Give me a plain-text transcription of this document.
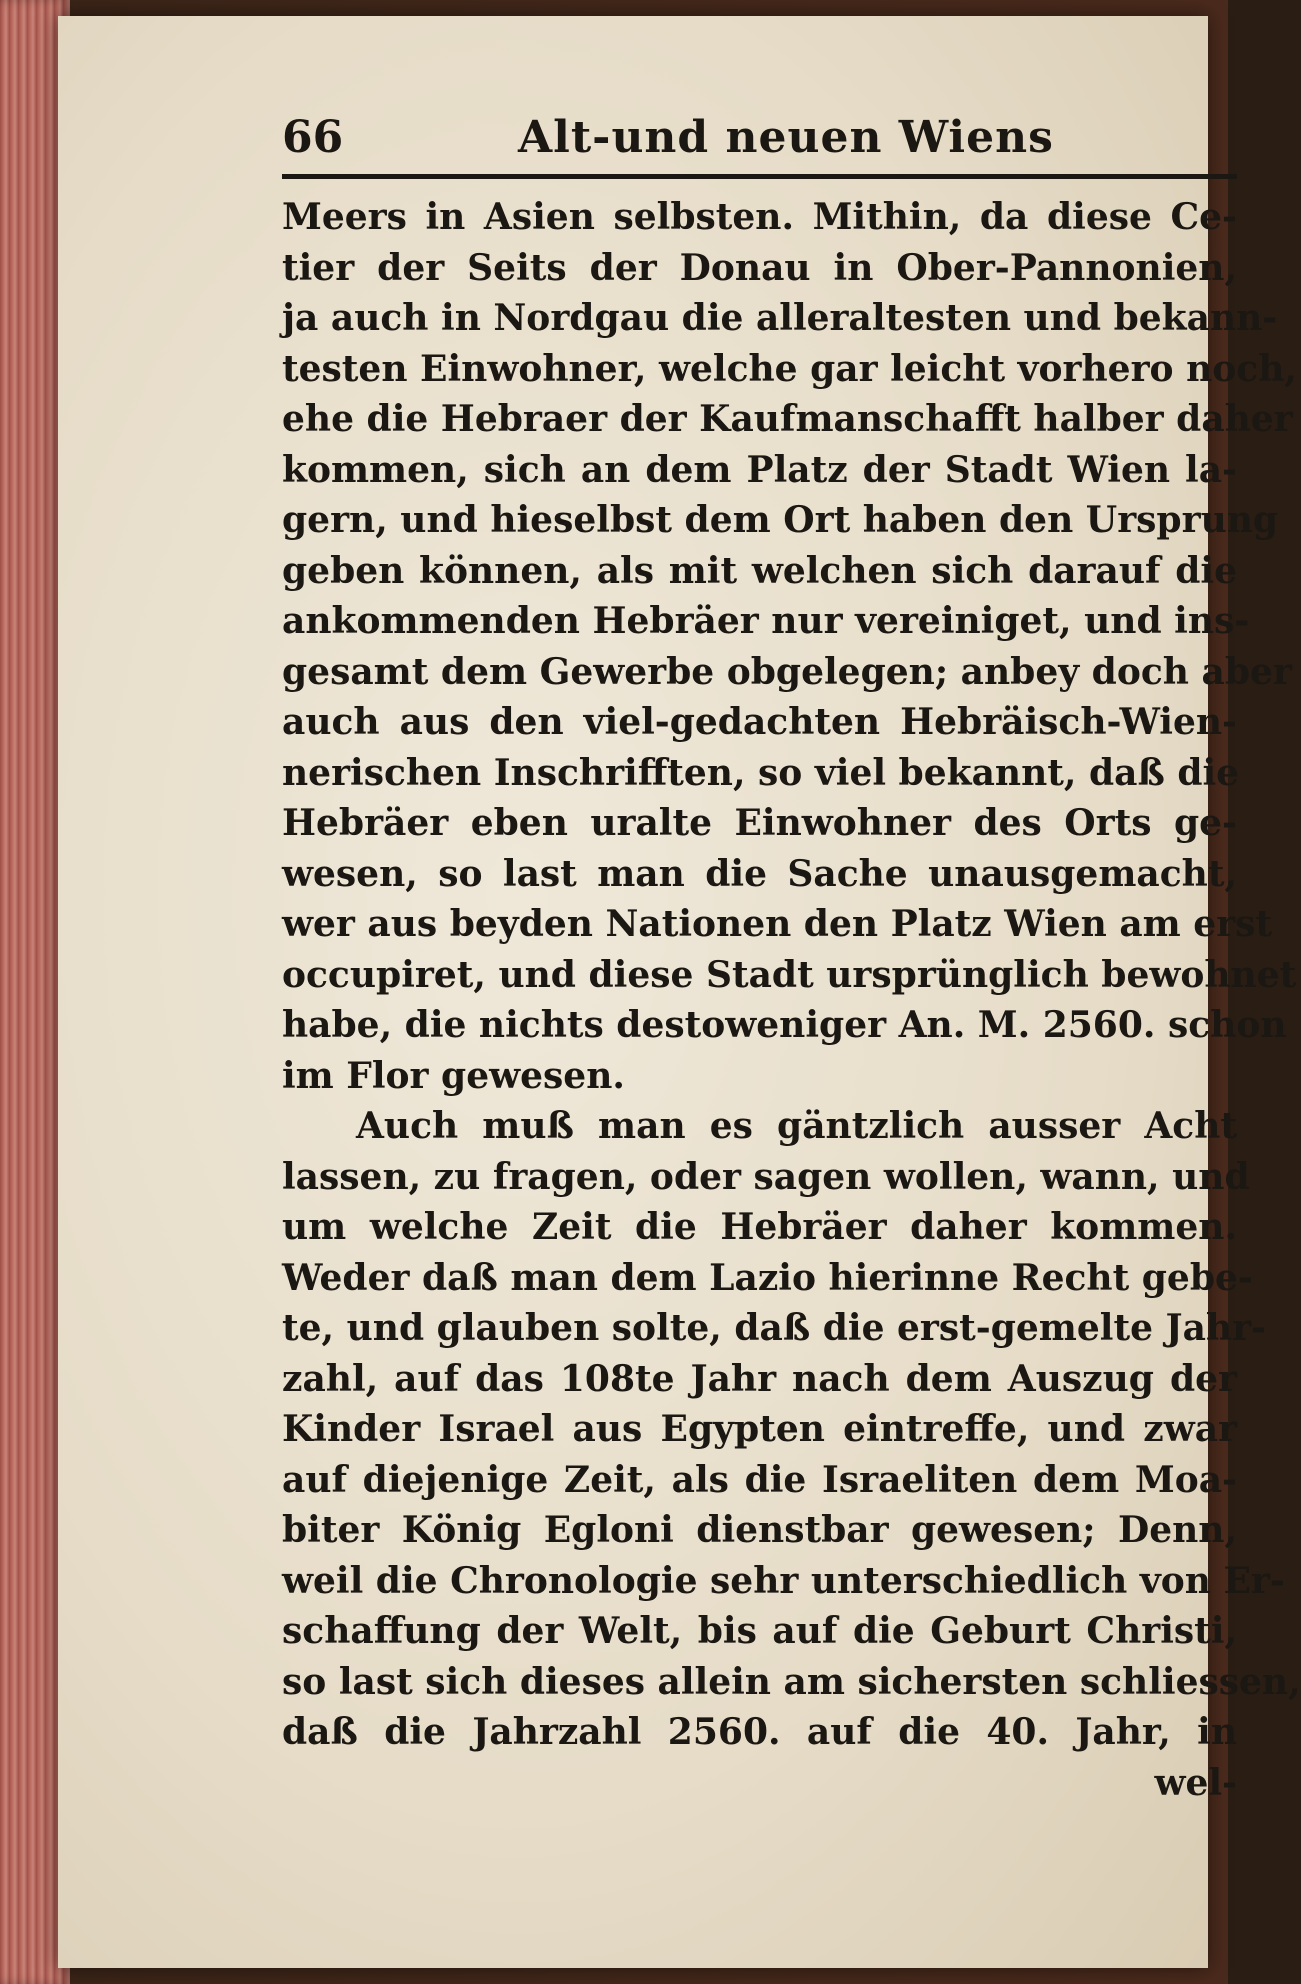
66	Alt-und neuen Wiens
Meers in Asien selbsten. Mithin, da diese Ce-
tier der Seits der Donau in Ober-Pannonien,
ja auch in Nordgau die alleraltesten und bekann-
testen Einwohner, welche gar leicht vorhero noch,
ehe die Hebraer der Kaufmanschafft halber daher
kommen, sich an dem Platz der Stadt Wien la-
gern, und hieselbst dem Ort haben den Ursprung
geben können, als mit welchen sich darauf die
ankommenden Hebräer nur vereiniget, und ins-
gesamt dem Gewerbe obgelegen; anbey doch aber
auch aus den viel-gedachten Hebräisch-Wien-
nerischen Inschrifften, so viel bekannt, daß die
Hebräer eben uralte Einwohner des Orts ge-
wesen, so last man die Sache unausgemacht,
wer aus beyden Nationen den Platz Wien am erst
occupiret, und diese Stadt ursprünglich bewohnet
habe, die nichts destoweniger An. M. 2560. schon
im Flor gewesen.
Auch muß man es gäntzlich ausser Acht
lassen, zu fragen, oder sagen wollen, wann, und
um welche Zeit die Hebräer daher kommen.
Weder daß man dem Lazio hierinne Recht gebe-
te, und glauben solte, daß die erst-gemelte Jahr-
zahl, auf das 108te Jahr nach dem Auszug der
Kinder Israel aus Egypten eintreffe, und zwar
auf diejenige Zeit, als die Israeliten dem Moa-
biter König Egloni dienstbar gewesen; Denn,
weil die Chronologie sehr unterschiedlich von Er-
schaffung der Welt, bis auf die Geburt Christi,
so last sich dieses allein am sichersten schliessen,
daß die Jahrzahl 2560. auf die 40. Jahr, in
wel-
